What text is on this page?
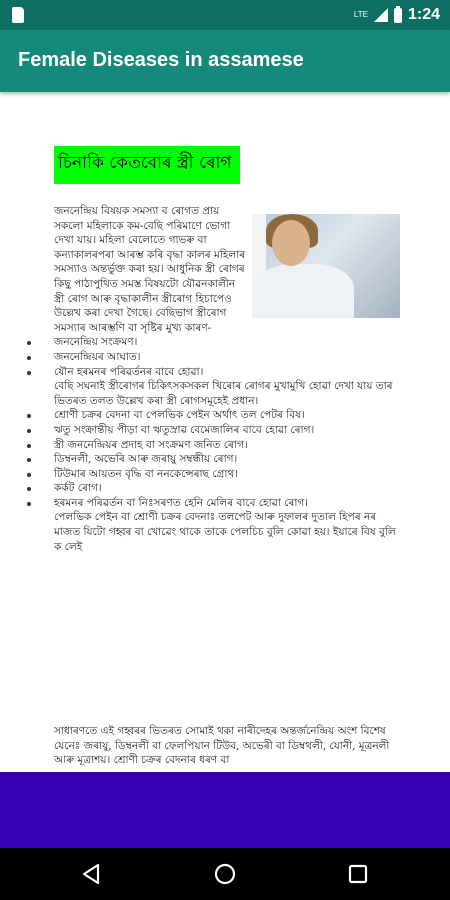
LTE	1:24
Female Diseases in assamese
চিনাকি কেতবোৰ স্ত্ৰী ৰোগ

জননেন্দ্ৰিয় বিষয়ক সমস্যা ব ৰোগত প্ৰায় সকলো মহিলাকে কম-বেছি পৰিমাণে ভোগা দেখা যায়। মহিলা বেলোতে গাভৰু বা কন্যাকালৰপৰা আৰম্ভ কৰি বৃদ্ধা কালৰ মহিলাৰ সমস্যাও অন্তৰ্ভুক্ত কৰা হয়। আধুনিক স্ত্ৰী ৰোগৰ কিছু পাঠ্যপুথিত সমস্ত বিষয়টো যৌৱনকালীন স্ত্ৰী ৰোগ আৰু বৃদ্ধাকালীন স্ত্ৰীৰোগ হিচাপেও উল্লেখ কৰা দেখা গৈছে। বেছিভাগ স্ত্ৰীৰোগ সমস্যাৰ আৰম্ভণি বা সৃষ্টিৰ মুখ্য কাৰণ-

জননেন্দ্ৰিয় সংক্ৰমণ।
জননেন্দ্ৰিয়ৰ আঘাত।
যৌন হৰমনৰ পৰিৱৰ্তনৰ বাবে হোৱা।
বেছি সঘনাই স্ত্ৰীৰোগৰ চিকিৎসকসকল খিৰোৰ ৰোগৰ মুখামুখি হোৱা দেখা যায় তাৰ ভিতৰত তলত উল্লেখ কৰা স্ত্ৰী ৰোগসমূহেই প্ৰধান।
শ্ৰোণী চক্ৰৰ বেদনা বা পেলভিক পেইন অৰ্থাৎ তল পেটৰ বিষ।
ঋতু সংক্ৰান্তীয় পীড়া বা ঋতুস্ৰাৱ বেমেজালিৰ বাবে হোৱা ৰোগ।
স্ত্ৰী জননেন্দ্ৰিয়ৰ প্ৰদাহ বা সংক্ৰমণ জনিত ৰোগ।
ডিম্বনলী, অভেৰি আৰু জৰায়ু সম্বন্ধীয় ৰোগ।
টিউমাৰ আয়তন বৃদ্ধি বা ননকেন্সেৰাছ গ্ৰোথ।
কৰ্কট ৰোগ।
হৰমনৰ পৰিৱৰ্তন বা নিঃসৰণত হেনি মেলিৰ বাবে হোৱা ৰোগ।

পেলভিক পেইন বা শ্ৰোণী চক্ৰৰ বেদনাঃ তলপেট আৰু দুফালৰ দুতাল হিপৰ নৰ মাজত যিটো গহ্বৰ বা খোৱেং থাকে তাকে পেলচিচ বুলি কোৱা হয়। ইয়াৰে বিষ বুলি ক লেই

সাধাৰণতে এই গহ্বৰৰ ভিতৰত সোমাই থকা নাৰীদেহৰ অন্তৰ্জনেন্দ্ৰিয় অংশ বিশেষ যেনেঃ জৰায়ু, ডিম্বনলী বা ফেলপিয়ান টিউব, অভেৰী বা ডিম্বথলী, যোনী, মূত্ৰনলী আৰু মূত্ৰাশয়। শ্ৰোণী চক্ৰৰ বেদনাৰ ধৰণ বা
